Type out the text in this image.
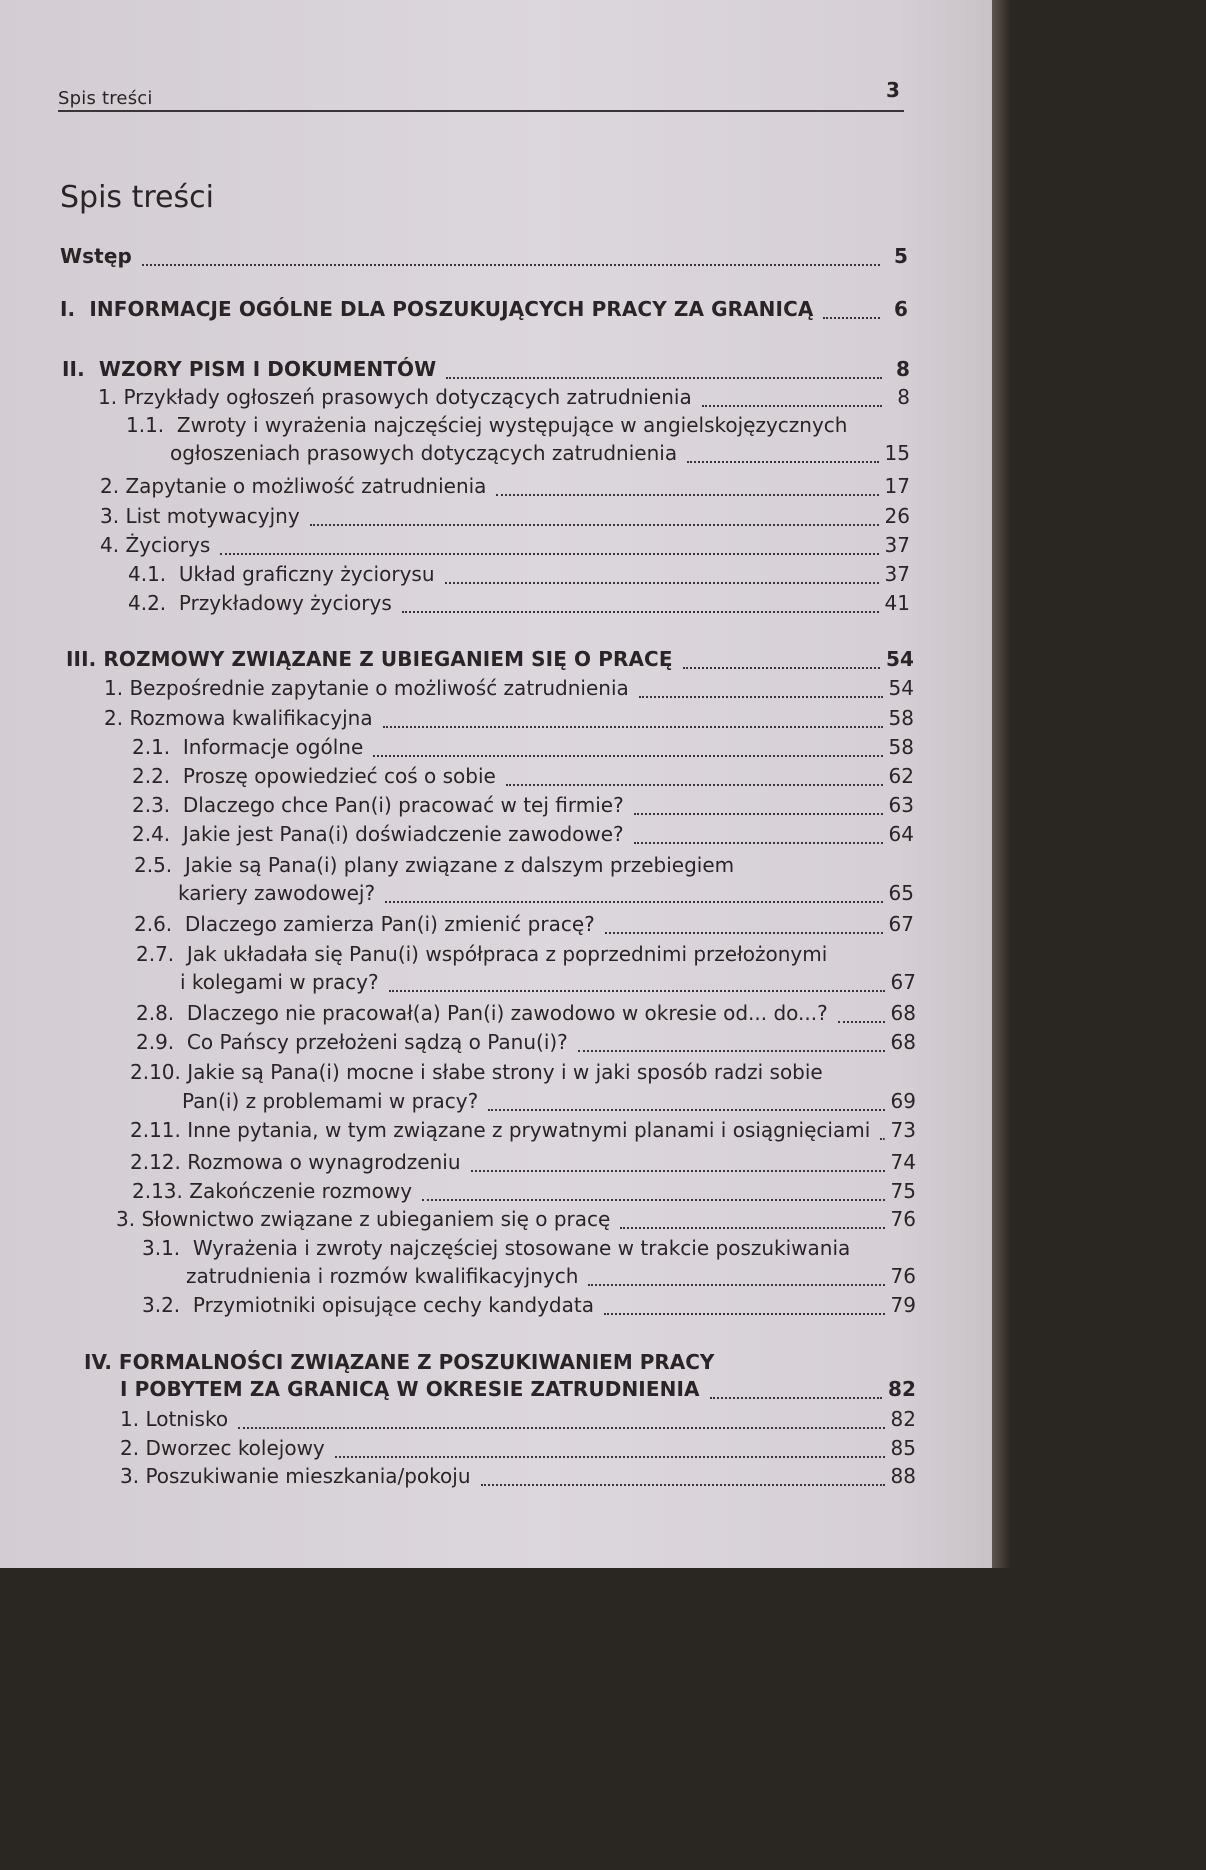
Spis treści	3
Spis treści
Wstęp	5
I.  INFORMACJE OGÓLNE DLA POSZUKUJĄCYCH PRACY ZA GRANICĄ	6
II.  WZORY PISM I DOKUMENTÓW	8
1. Przykłady ogłoszeń prasowych dotyczących zatrudnienia	8
1.1.  Zwroty i wyrażenia najczęściej występujące w angielskojęzycznych
ogłoszeniach prasowych dotyczących zatrudnienia	15
2. Zapytanie o możliwość zatrudnienia	17
3. List motywacyjny	26
4. Życiorys	37
4.1.  Układ graficzny życiorysu	37
4.2.  Przykładowy życiorys	41
III. ROZMOWY ZWIĄZANE Z UBIEGANIEM SIĘ O PRACĘ	54
1. Bezpośrednie zapytanie o możliwość zatrudnienia	54
2. Rozmowa kwalifikacyjna	58
2.1.  Informacje ogólne	58
2.2.  Proszę opowiedzieć coś o sobie	62
2.3.  Dlaczego chce Pan(i) pracować w tej firmie?	63
2.4.  Jakie jest Pana(i) doświadczenie zawodowe?	64
2.5.  Jakie są Pana(i) plany związane z dalszym przebiegiem
kariery zawodowej?	65
2.6.  Dlaczego zamierza Pan(i) zmienić pracę?	67
2.7.  Jak układała się Panu(i) współpraca z poprzednimi przełożonymi
i kolegami w pracy?	67
2.8.  Dlaczego nie pracował(a) Pan(i) zawodowo w okresie od... do...?	68
2.9.  Co Pańscy przełożeni sądzą o Panu(i)?	68
2.10. Jakie są Pana(i) mocne i słabe strony i w jaki sposób radzi sobie
Pan(i) z problemami w pracy?	69
2.11. Inne pytania, w tym związane z prywatnymi planami i osiągnięciami 73
2.12. Rozmowa o wynagrodzeniu	74
2.13. Zakończenie rozmowy	75
3. Słownictwo związane z ubieganiem się o pracę	76
3.1.  Wyrażenia i zwroty najczęściej stosowane w trakcie poszukiwania
zatrudnienia i rozmów kwalifikacyjnych	76
3.2.  Przymiotniki opisujące cechy kandydata	79
IV. FORMALNOŚCI ZWIĄZANE Z POSZUKIWANIEM PRACY
I POBYTEM ZA GRANICĄ W OKRESIE ZATRUDNIENIA	82
1. Lotnisko	82
2. Dworzec kolejowy	85
3. Poszukiwanie mieszkania/pokoju	88
